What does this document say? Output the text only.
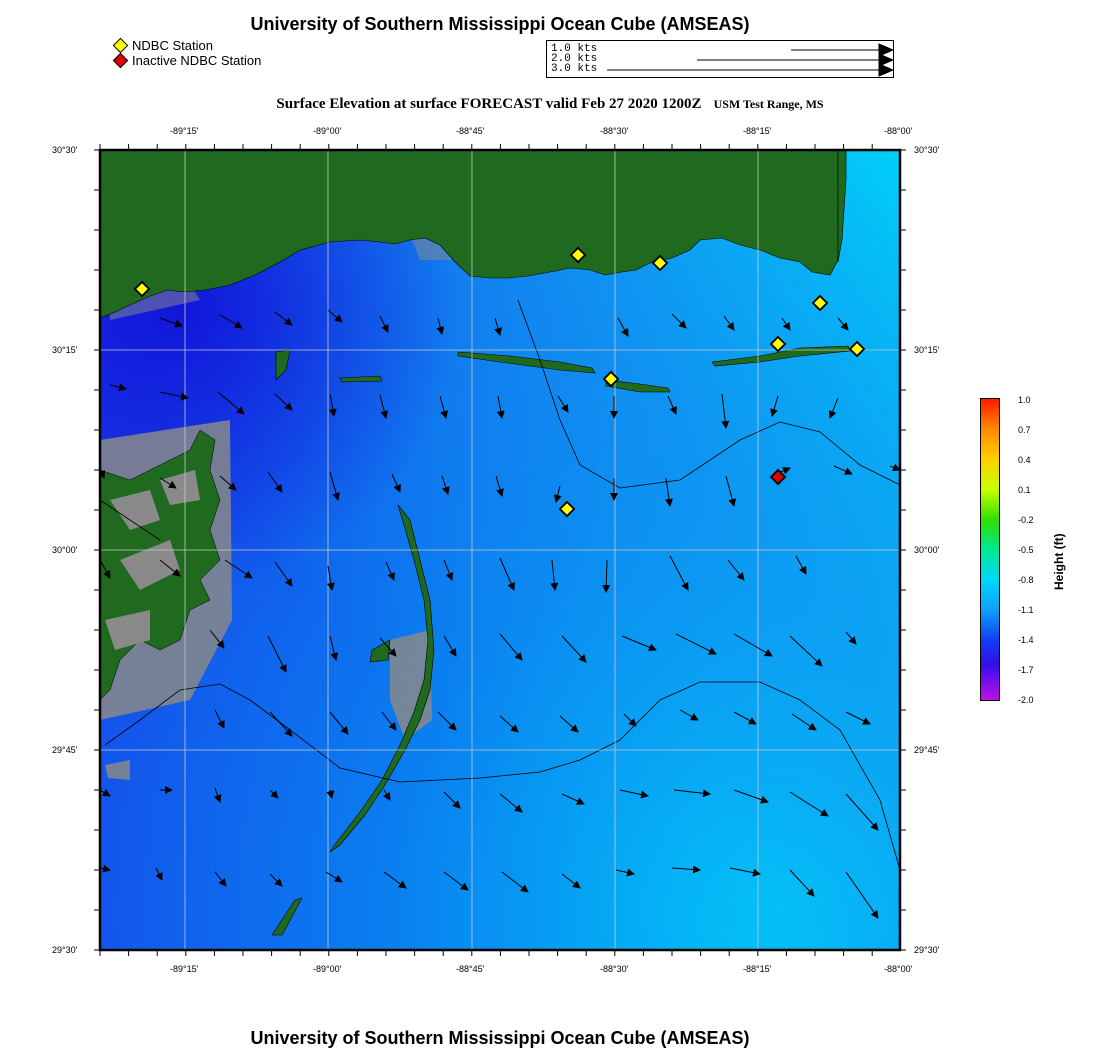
University of Southern Mississippi Ocean Cube (AMSEAS)
NDBC Station
Inactive NDBC Station
1.0 kts
2.0 kts
3.0 kts
Surface Elevation at surface FORECAST valid Feb 27 2020 1200Z USM Test Range, MS
-89°15'	-89°00'	-88°45'	-88°30'	-88°15'	-88°00'
-89°15'	-89°00'	-88°45'	-88°30'	-88°15'	-88°00'
30°30'
30°15'
30°00'
29°45'
29°30'
30°30'
30°15'
30°00'
29°45'
29°30'
1.0
0.7
0.4
0.1
-0.2
-0.5
-0.8
-1.1
-1.4
-1.7
-2.0
Height (ft)
University of Southern Mississippi Ocean Cube (AMSEAS)
